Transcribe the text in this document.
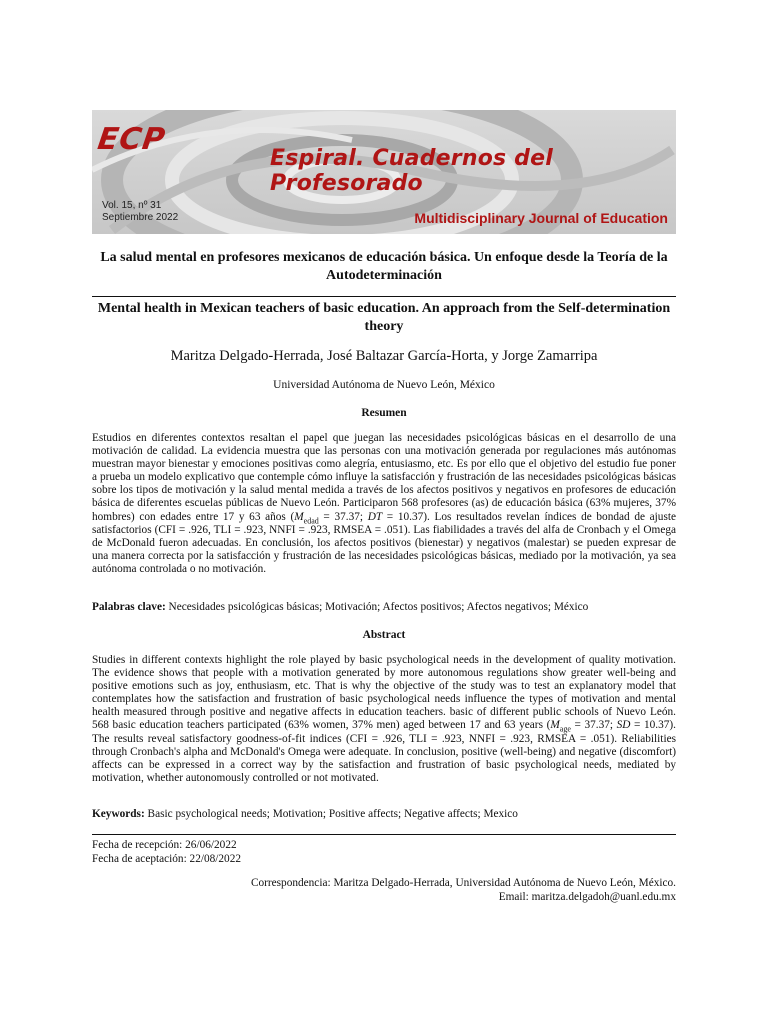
ECP
Espiral. Cuadernos del Profesorado
Vol. 15, nº 31
Septiembre 2022	Multidisciplinary Journal of Education
La salud mental en profesores mexicanos de educación básica. Un enfoque desde la Teoría de la Autodeterminación
Mental health in Mexican teachers of basic education. An approach from the Self-determination theory
Maritza Delgado-Herrada, José Baltazar García-Horta, y Jorge Zamarripa
Universidad Autónoma de Nuevo León, México
Resumen
Estudios en diferentes contextos resaltan el papel que juegan las necesidades psicológicas básicas en el desarrollo de una motivación de calidad. La evidencia muestra que las personas con una motivación generada por regulaciones más autónomas muestran mayor bienestar y emociones positivas como alegría, entusiasmo, etc. Es por ello que el objetivo del estudio fue poner a prueba un modelo explicativo que contemple cómo influye la satisfacción y frustración de las necesidades psicológicas básicas sobre los tipos de motivación y la salud mental medida a través de los afectos positivos y negativos en profesores de educación básica de diferentes escuelas públicas de Nuevo León. Participaron 568 profesores (as) de educación básica (63% mujeres, 37% hombres) con edades entre 17 y 63 años ($M_{edad} = 37.37$; DT = 10.37). Los resultados revelan índices de bondad de ajuste satisfactorios (CFI = .926, TLI = .923, NNFI = .923, RMSEA = .051). Las fiabilidades a través del alfa de Cronbach y el Omega de McDonald fueron adecuadas. En conclusión, los afectos positivos (bienestar) y negativos (malestar) se pueden expresar de una manera correcta por la satisfacción y frustración de las necesidades psicológicas básicas, mediado por la motivación, ya sea autónoma controlada o no motivación.
Palabras clave: Necesidades psicológicas básicas; Motivación; Afectos positivos; Afectos negativos; México
Abstract
Studies in different contexts highlight the role played by basic psychological needs in the development of quality motivation. The evidence shows that people with a motivation generated by more autonomous regulations show greater well-being and positive emotions such as joy, enthusiasm, etc. That is why the objective of the study was to test an explanatory model that contemplates how the satisfaction and frustration of basic psychological needs influence the types of motivation and mental health measured through positive and negative affects in education teachers. basic of different public schools of Nuevo León. 568 basic education teachers participated (63% women, 37% men) aged between 17 and 63 years ($M_{age} = 37.37$; SD = 10.37). The results reveal satisfactory goodness-of-fit indices (CFI = .926, TLI = .923, NNFI = .923, RMSEA = .051). Reliabilities through Cronbach's alpha and McDonald's Omega were adequate. In conclusion, positive (well-being) and negative (discomfort) affects can be expressed in a correct way by the satisfaction and frustration of basic psychological needs, mediated by motivation, whether autonomously controlled or not motivated.
Keywords: Basic psychological needs; Motivation; Positive affects; Negative affects; Mexico
Fecha de recepción: 26/06/2022
Fecha de aceptación: 22/08/2022
Correspondencia: Maritza Delgado-Herrada, Universidad Autónoma de Nuevo León, México.
Email: maritza.delgadoh@uanl.edu.mx
